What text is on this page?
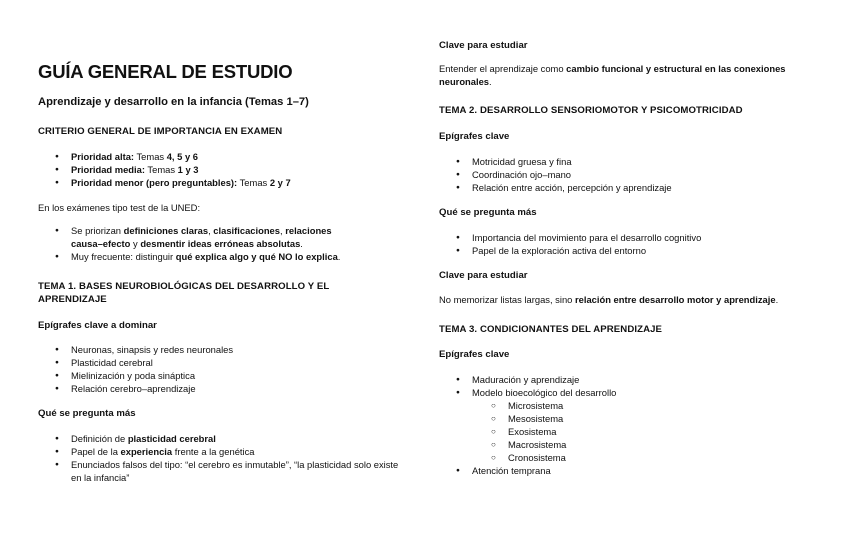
GUÍA GENERAL DE ESTUDIO
Aprendizaje y desarrollo en la infancia (Temas 1–7)
CRITERIO GENERAL DE IMPORTANCIA EN EXAMEN
● Prioridad alta: Temas 4, 5 y 6
● Prioridad media: Temas 1 y 3
● Prioridad menor (pero preguntables): Temas 2 y 7
En los exámenes tipo test de la UNED:
● Se priorizan definiciones claras, clasificaciones, relaciones causa–efecto y desmentir ideas erróneas absolutas.
● Muy frecuente: distinguir qué explica algo y qué NO lo explica.
TEMA 1. BASES NEUROBIOLÓGICAS DEL DESARROLLO Y EL APRENDIZAJE
Epígrafes clave a dominar
● Neuronas, sinapsis y redes neuronales
● Plasticidad cerebral
● Mielinización y poda sináptica
● Relación cerebro–aprendizaje
Qué se pregunta más
● Definición de plasticidad cerebral
● Papel de la experiencia frente a la genética
● Enunciados falsos del tipo: “el cerebro es inmutable”, “la plasticidad solo existe en la infancia”
Clave para estudiar
Entender el aprendizaje como cambio funcional y estructural en las conexiones neuronales.
TEMA 2. DESARROLLO SENSORIOMOTOR Y PSICOMOTRICIDAD
Epígrafes clave
● Motricidad gruesa y fina
● Coordinación ojo–mano
● Relación entre acción, percepción y aprendizaje
Qué se pregunta más
● Importancia del movimiento para el desarrollo cognitivo
● Papel de la exploración activa del entorno
Clave para estudiar
No memorizar listas largas, sino relación entre desarrollo motor y aprendizaje.
TEMA 3. CONDICIONANTES DEL APRENDIZAJE
Epígrafes clave
● Maduración y aprendizaje
● Modelo bioecológico del desarrollo
○ Microsistema
○ Mesosistema
○ Exosistema
○ Macrosistema
○ Cronosistema
● Atención temprana
